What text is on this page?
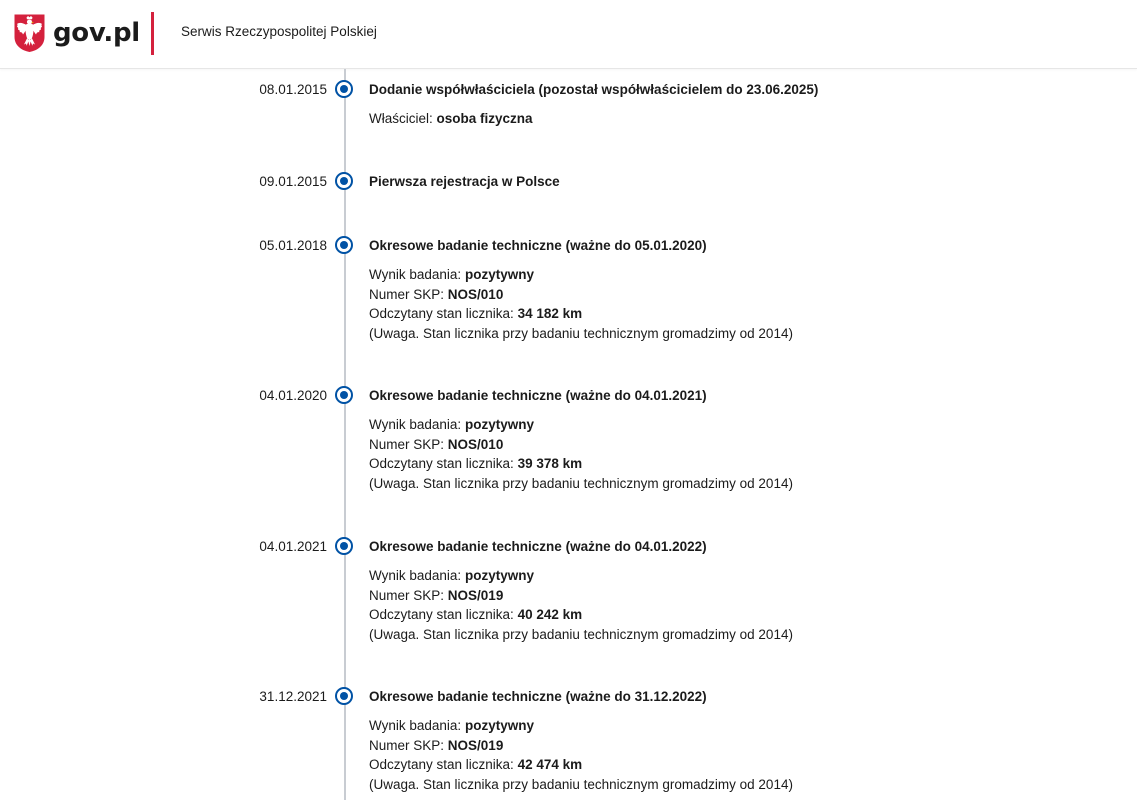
gov.pl	Serwis Rzeczypospolitej Polskiej
08.01.2015	Dodanie współwłaściciela (pozostał współwłaścicielem do 23.06.2025)
Właściciel: osoba fizyczna
09.01.2015	Pierwsza rejestracja w Polsce
05.01.2018	Okresowe badanie techniczne (ważne do 05.01.2020)
Wynik badania: pozytywny
Numer SKP: NOS/010
Odczytany stan licznika: 34 182 km
(Uwaga. Stan licznika przy badaniu technicznym gromadzimy od 2014)
04.01.2020	Okresowe badanie techniczne (ważne do 04.01.2021)
Wynik badania: pozytywny
Numer SKP: NOS/010
Odczytany stan licznika: 39 378 km
(Uwaga. Stan licznika przy badaniu technicznym gromadzimy od 2014)
04.01.2021	Okresowe badanie techniczne (ważne do 04.01.2022)
Wynik badania: pozytywny
Numer SKP: NOS/019
Odczytany stan licznika: 40 242 km
(Uwaga. Stan licznika przy badaniu technicznym gromadzimy od 2014)
31.12.2021	Okresowe badanie techniczne (ważne do 31.12.2022)
Wynik badania: pozytywny
Numer SKP: NOS/019
Odczytany stan licznika: 42 474 km
(Uwaga. Stan licznika przy badaniu technicznym gromadzimy od 2014)
